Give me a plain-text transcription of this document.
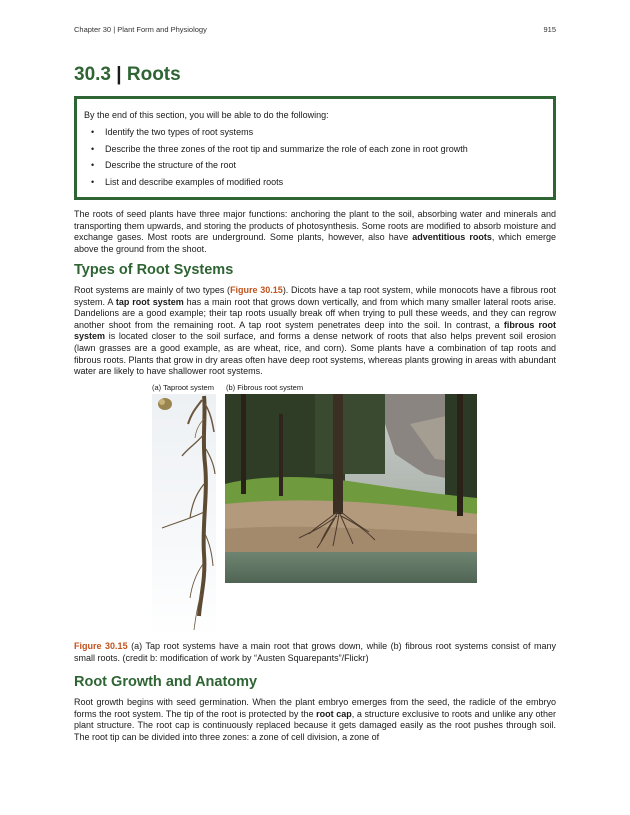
Chapter 30 | Plant Form and Physiology	915
30.3 | Roots
By the end of this section, you will be able to do the following:
• Identify the two types of root systems
• Describe the three zones of the root tip and summarize the role of each zone in root growth
• Describe the structure of the root
• List and describe examples of modified roots

The roots of seed plants have three major functions: anchoring the plant to the soil, absorbing water and minerals and transporting them upwards, and storing the products of photosynthesis. Some roots are modified to absorb moisture and exchange gases. Most roots are underground. Some plants, however, also have adventitious roots, which emerge above the ground from the shoot.

Types of Root Systems

Root systems are mainly of two types (Figure 30.15). Dicots have a tap root system, while monocots have a fibrous root system. A tap root system has a main root that grows down vertically, and from which many smaller lateral roots arise. Dandelions are a good example; their tap roots usually break off when trying to pull these weeds, and they can regrow another shoot from the remaining root. A tap root system penetrates deep into the soil. In contrast, a fibrous root system is located closer to the soil surface, and forms a dense network of roots that also helps prevent soil erosion (lawn grasses are a good example, as are wheat, rice, and corn). Some plants have a combination of tap roots and fibrous roots. Plants that grow in dry areas often have deep root systems, whereas plants growing in areas with abundant water are likely to have shallower root systems.

(a) Taproot system (b) Fibrous root system

Figure 30.15 (a) Tap root systems have a main root that grows down, while (b) fibrous root systems consist of many small roots. (credit b: modification of work by “Austen Squarepants”/Flickr)

Root Growth and Anatomy

Root growth begins with seed germination. When the plant embryo emerges from the seed, the radicle of the embryo forms the root system. The tip of the root is protected by the root cap, a structure exclusive to roots and unlike any other plant structure. The root cap is continuously replaced because it gets damaged easily as the root pushes through soil. The root tip can be divided into three zones: a zone of cell division, a zone of
